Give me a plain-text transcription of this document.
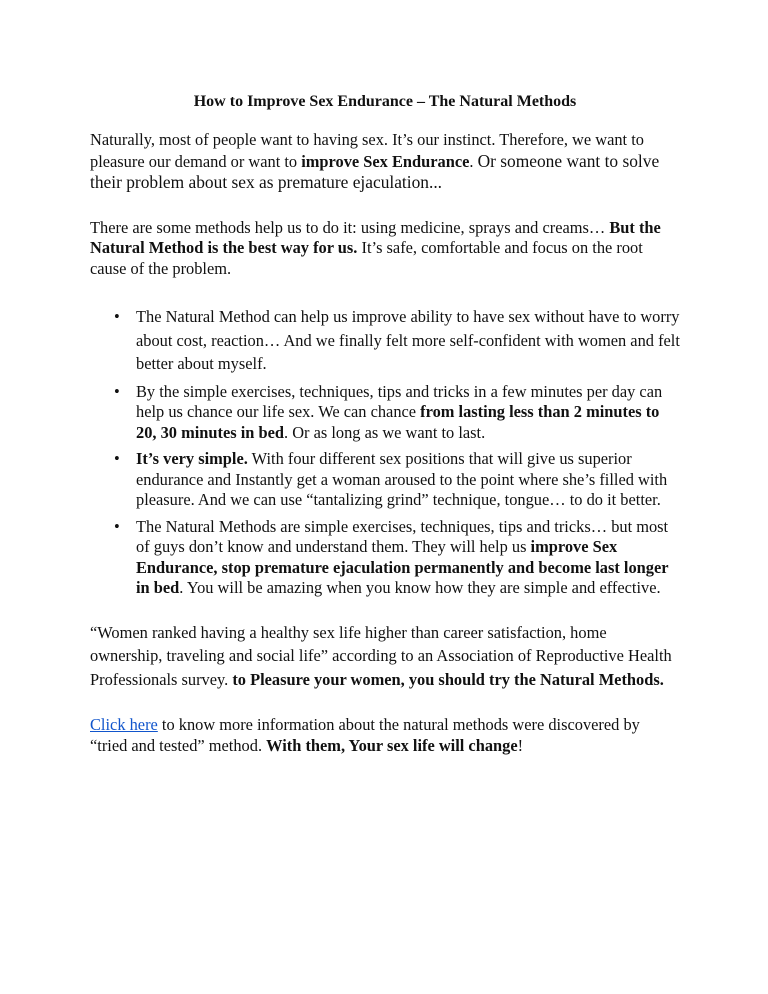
How to Improve Sex Endurance – The Natural Methods

Naturally, most of people want to having sex. It’s our instinct. Therefore, we want to pleasure our demand or want to improve Sex Endurance. Or someone want to solve their problem about sex as premature ejaculation...

There are some methods help us to do it: using medicine, sprays and creams… But the Natural Method is the best way for us. It’s safe, comfortable and focus on the root cause of the problem.

• The Natural Method can help us improve ability to have sex without have to worry about cost, reaction… And we finally felt more self-confident with women and felt better about myself.
• By the simple exercises, techniques, tips and tricks in a few minutes per day can help us chance our life sex. We can chance from lasting less than 2 minutes to 20, 30 minutes in bed. Or as long as we want to last.
• It’s very simple. With four different sex positions that will give us superior endurance and Instantly get a woman aroused to the point where she’s filled with pleasure. And we can use “tantalizing grind” technique, tongue… to do it better.
• The Natural Methods are simple exercises, techniques, tips and tricks… but most of guys don’t know and understand them. They will help us improve Sex Endurance, stop premature ejaculation permanently and become last longer in bed. You will be amazing when you know how they are simple and effective.

“Women ranked having a healthy sex life higher than career satisfaction, home ownership, traveling and social life” according to an Association of Reproductive Health Professionals survey. to Pleasure your women, you should try the Natural Methods.

Click here to know more information about the natural methods were discovered by “tried and tested” method. With them, Your sex life will change!
